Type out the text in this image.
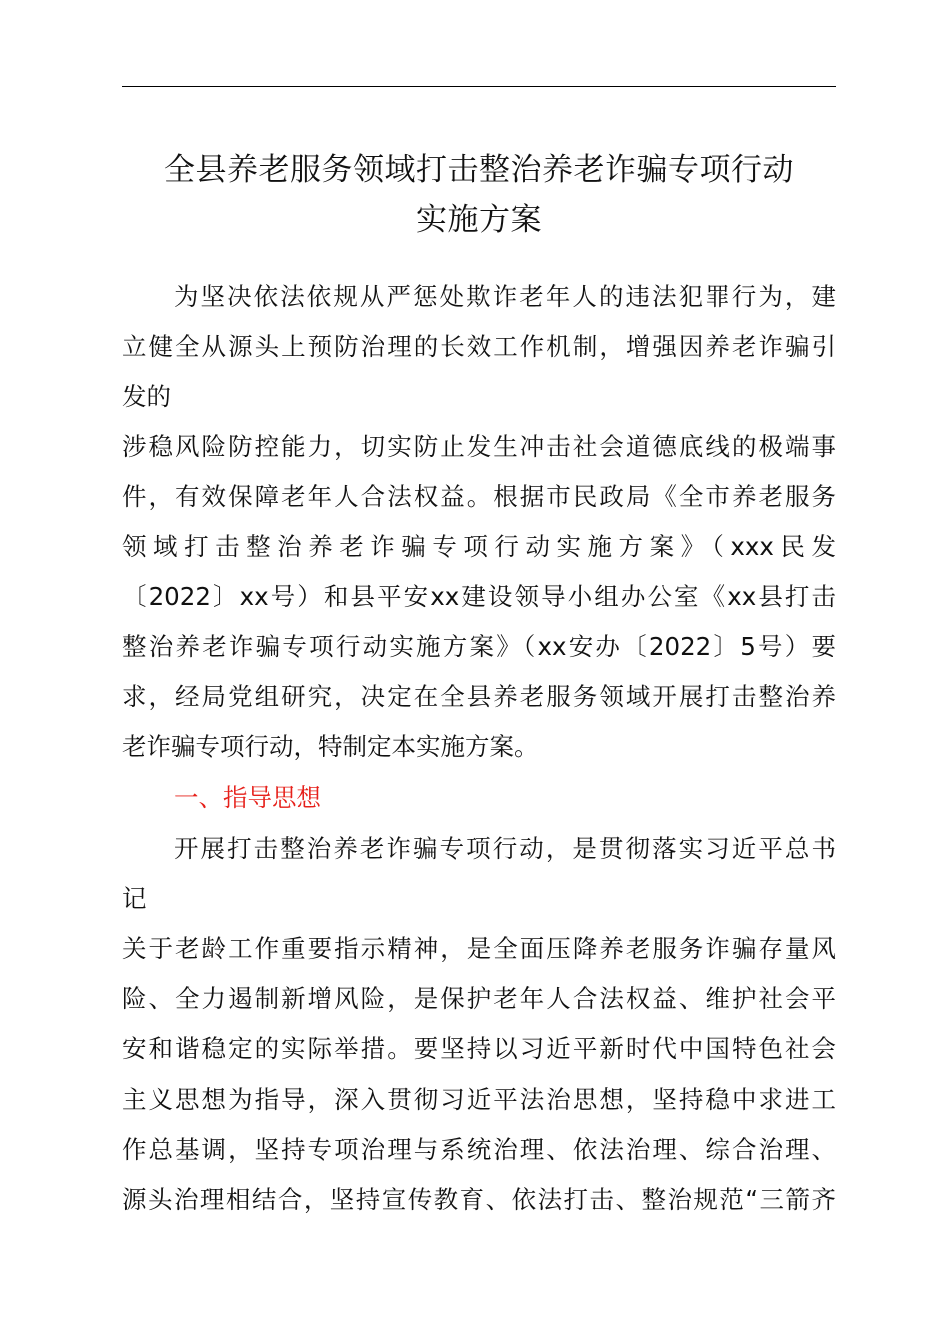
全县养老服务领域打击整治养老诈骗专项行动
实施方案
为坚决依法依规从严惩处欺诈老年人的违法犯罪行为，建
立健全从源头上预防治理的长效工作机制，增强因养老诈骗引
发的
涉稳风险防控能力，切实防止发生冲击社会道德底线的极端事
件，有效保障老年人合法权益。根据市民政局《全市养老服务
领域打击整治养老诈骗专项行动实施方案》（xxx民发
〔2022〕xx号）和县平安xx建设领导小组办公室《xx县打击
整治养老诈骗专项行动实施方案》（xx安办〔2022〕5号）要
求，经局党组研究，决定在全县养老服务领域开展打击整治养
老诈骗专项行动，特制定本实施方案。
一、指导思想
开展打击整治养老诈骗专项行动，是贯彻落实习近平总书
记
关于老龄工作重要指示精神，是全面压降养老服务诈骗存量风
险、全力遏制新增风险，是保护老年人合法权益、维护社会平
安和谐稳定的实际举措。要坚持以习近平新时代中国特色社会
主义思想为指导，深入贯彻习近平法治思想，坚持稳中求进工
作总基调，坚持专项治理与系统治理、依法治理、综合治理、
源头治理相结合，坚持宣传教育、依法打击、整治规范“三箭齐
